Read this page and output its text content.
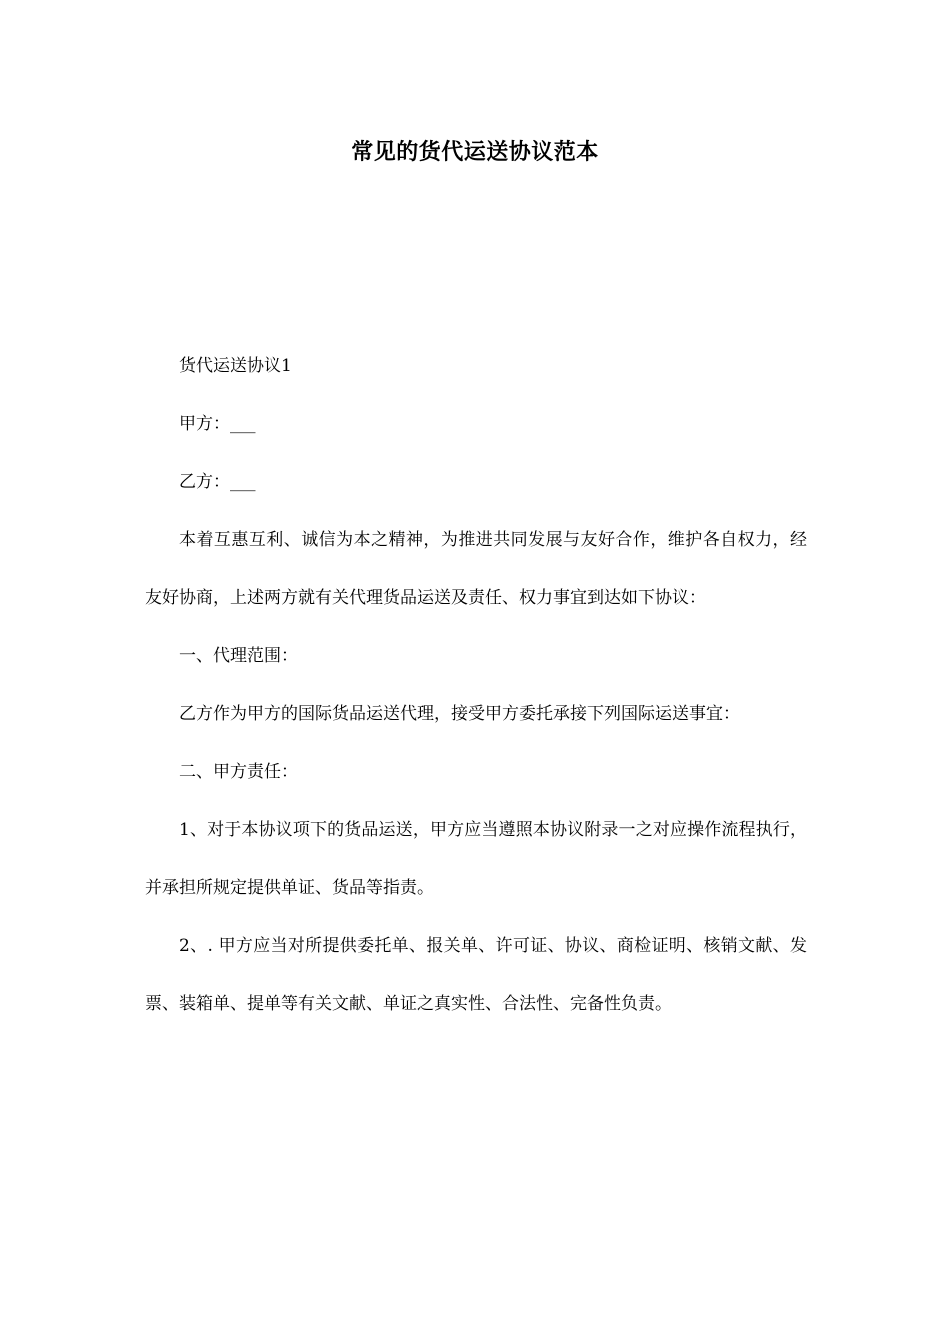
常见的货代运送协议范本

货代运送协议1

甲方：___

乙方：___

本着互惠互利、诚信为本之精神，为推进共同发展与友好合作，维护各自权力，经友好协商，上述两方就有关代理货品运送及责任、权力事宜到达如下协议：

一、代理范围：

乙方作为甲方的国际货品运送代理，接受甲方委托承接下列国际运送事宜：

二、甲方责任：

1、对于本协议项下的货品运送，甲方应当遵照本协议附录一之对应操作流程执行，并承担所规定提供单证、货品等指责。

2、. 甲方应当对所提供委托单、报关单、许可证、协议、商检证明、核销文献、发票、装箱单、提单等有关文献、单证之真实性、合法性、完备性负责。
